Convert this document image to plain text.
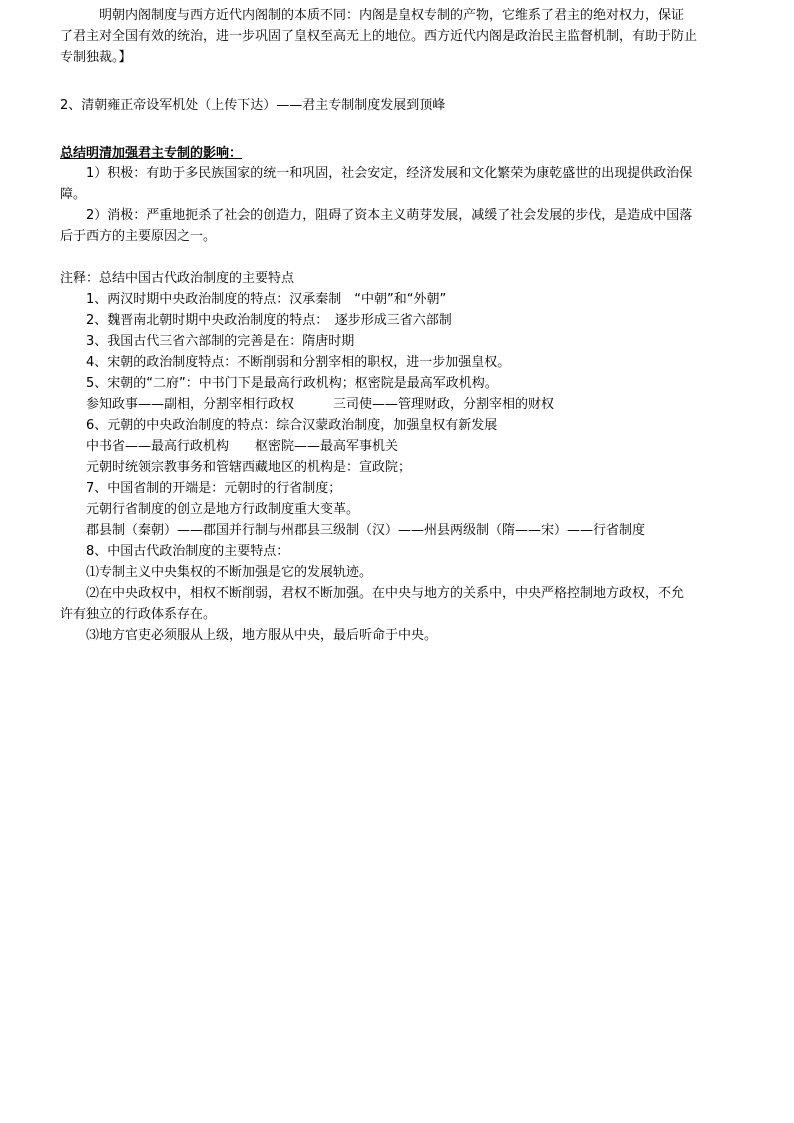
　　　明朝内阁制度与西方近代内阁制的本质不同：内阁是皇权专制的产物，它维系了君主的绝对权力，保证
了君主对全国有效的统治，进一步巩固了皇权至高无上的地位。西方近代内阁是政治民主监督机制，有助于防止
专制独裁。】
2、清朝雍正帝设军机处（上传下达）——君主专制制度发展到顶峰
总结明清加强君主专制的影响：
　　1）积极：有助于多民族国家的统一和巩固，社会安定，经济发展和文化繁荣为康乾盛世的出现提供政治保
障。
　　2）消极：严重地扼杀了社会的创造力，阻碍了资本主义萌芽发展，减缓了社会发展的步伐，是造成中国落
后于西方的主要原因之一。
注释：总结中国古代政治制度的主要特点
　　1、两汉时期中央政治制度的特点：汉承秦制　“中朝”和“外朝”
　　2、魏晋南北朝时期中央政治制度的特点：　逐步形成三省六部制
　　3、我国古代三省六部制的完善是在：隋唐时期
　　4、宋朝的政治制度特点：不断削弱和分割宰相的职权，进一步加强皇权。
　　5、宋朝的“二府”：中书门下是最高行政机构；枢密院是最高军政机构。
　　参知政事——副相，分割宰相行政权　　　三司使——管理财政，分割宰相的财权
　　6、元朝的中央政治制度的特点：综合汉蒙政治制度，加强皇权有新发展
　　中书省——最高行政机构　　枢密院——最高军事机关
　　元朝时统领宗教事务和管辖西藏地区的机构是：宣政院；
　　7、中国省制的开端是：元朝时的行省制度；
　　元朝行省制度的创立是地方行政制度重大变革。
　　郡县制（秦朝）——郡国并行制与州郡县三级制（汉）——州县两级制（隋——宋）——行省制度
　　8、中国古代政治制度的主要特点：
　　⑴专制主义中央集权的不断加强是它的发展轨迹。
　　⑵在中央政权中，相权不断削弱，君权不断加强。在中央与地方的关系中，中央严格控制地方政权，不允
许有独立的行政体系存在。
　　⑶地方官吏必须服从上级，地方服从中央，最后听命于中央。
